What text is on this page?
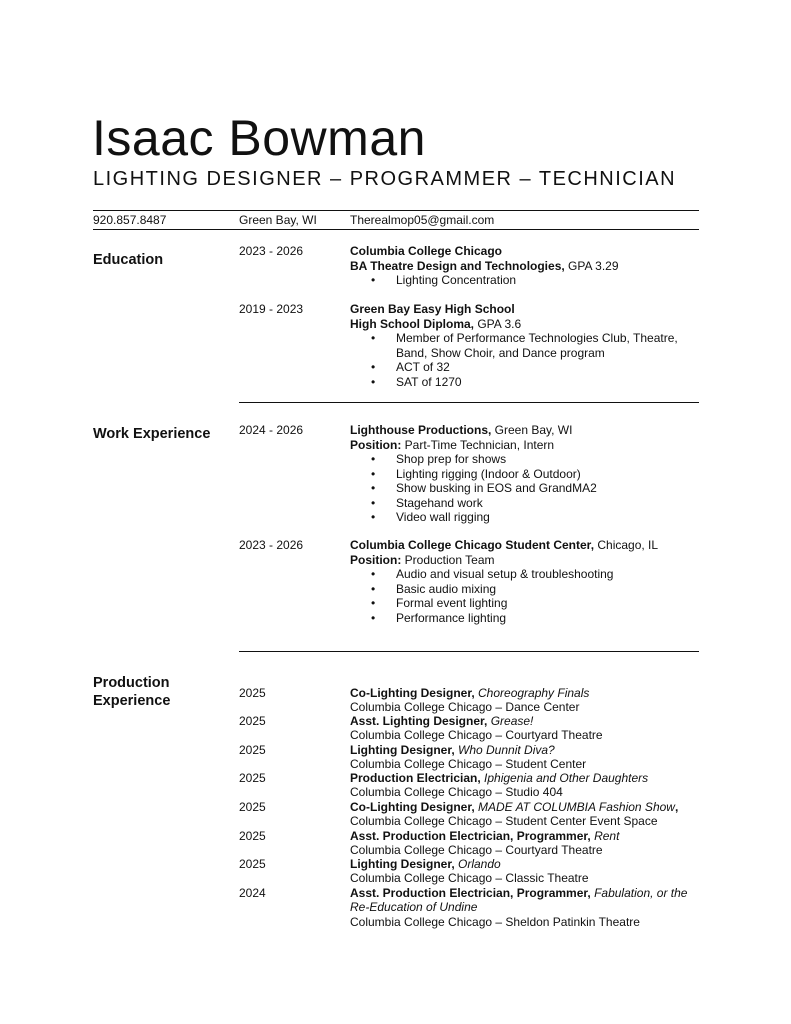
Isaac Bowman
LIGHTING DESIGNER – PROGRAMMER – TECHNICIAN
920.857.8487	Green Bay, WI	Therealmop05@gmail.com
Education
2023 - 2026	Columbia College Chicago
BA Theatre Design and Technologies, GPA 3.29
• Lighting Concentration
2019 - 2023	Green Bay Easy High School
High School Diploma, GPA 3.6
• Member of Performance Technologies Club, Theatre,
Band, Show Choir, and Dance program
• ACT of 32
• SAT of 1270
Work Experience 2024 - 2026	Lighthouse Productions, Green Bay, WI
Position: Part-Time Technician, Intern
• Shop prep for shows
• Lighting rigging (Indoor & Outdoor)
• Show busking in EOS and GrandMA2
• Stagehand work
• Video wall rigging
2023 - 2026	Columbia College Chicago Student Center, Chicago, IL
Position: Production Team
• Audio and visual setup & troubleshooting
• Basic audio mixing
• Formal event lighting
• Performance lighting
Production
Experience	2025	Co-Lighting Designer, Choreography Finals
Columbia College Chicago – Dance Center
2025	Asst. Lighting Designer, Grease!
Columbia College Chicago – Courtyard Theatre
2025	Lighting Designer, Who Dunnit Diva?
Columbia College Chicago – Student Center
2025	Production Electrician, Iphigenia and Other Daughters
Columbia College Chicago – Studio 404
2025	Co-Lighting Designer, MADE AT COLUMBIA Fashion Show,
Columbia College Chicago – Student Center Event Space
2025	Asst. Production Electrician, Programmer, Rent
Columbia College Chicago – Courtyard Theatre
2025	Lighting Designer, Orlando
Columbia College Chicago – Classic Theatre
2024	Asst. Production Electrician, Programmer, Fabulation, or the
Re-Education of Undine
Columbia College Chicago – Sheldon Patinkin Theatre
